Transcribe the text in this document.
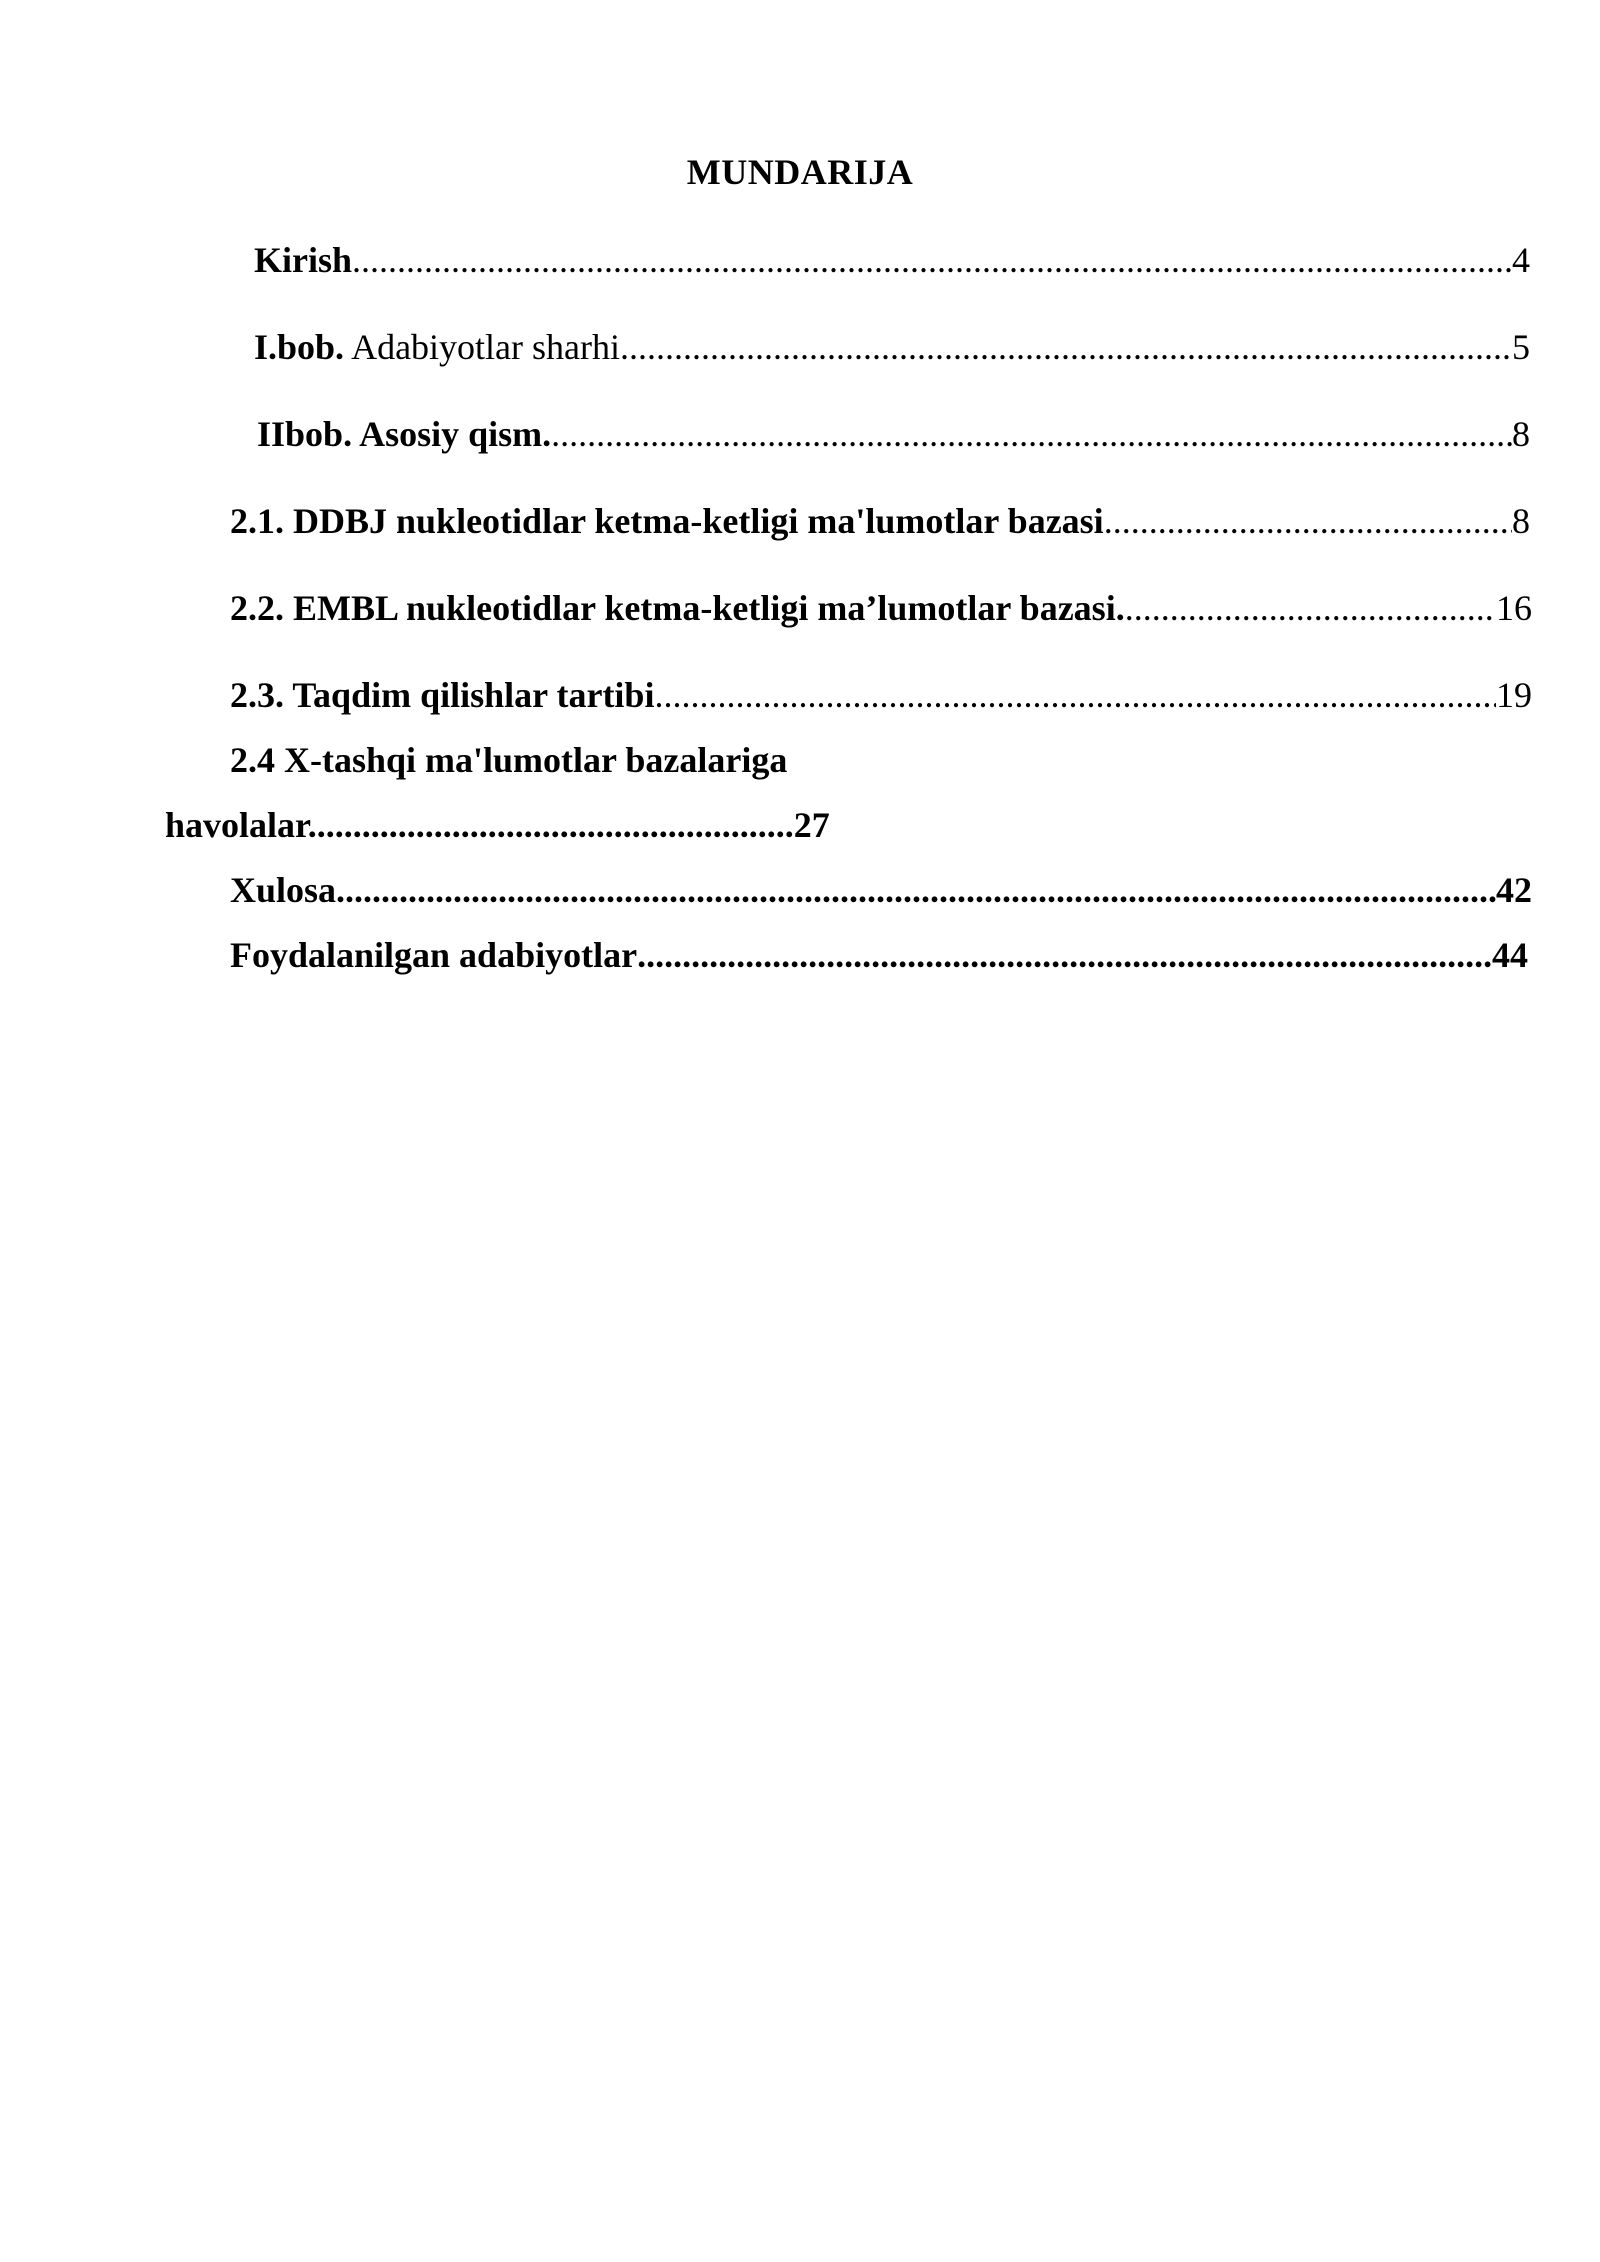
MUNDARIJA
Kirish .....	4
I.bob. Adabiyotlar sharhi .....	5
IIbob. Asosiy qism. .....	8
2.1. DDBJ nukleotidlar ketma-ketligi ma'lumotlar bazasi .....	8
2.2. EMBL nukleotidlar ketma-ketligi ma’lumotlar bazasi. .....	16
2.3. Taqdim qilishlar tartibi .....	19
2.4 X-tashqi ma'lumotlar bazalariga
havolalar......................................................27
Xulosa .....	42
Foydalanilgan adabiyotlar .....	44
